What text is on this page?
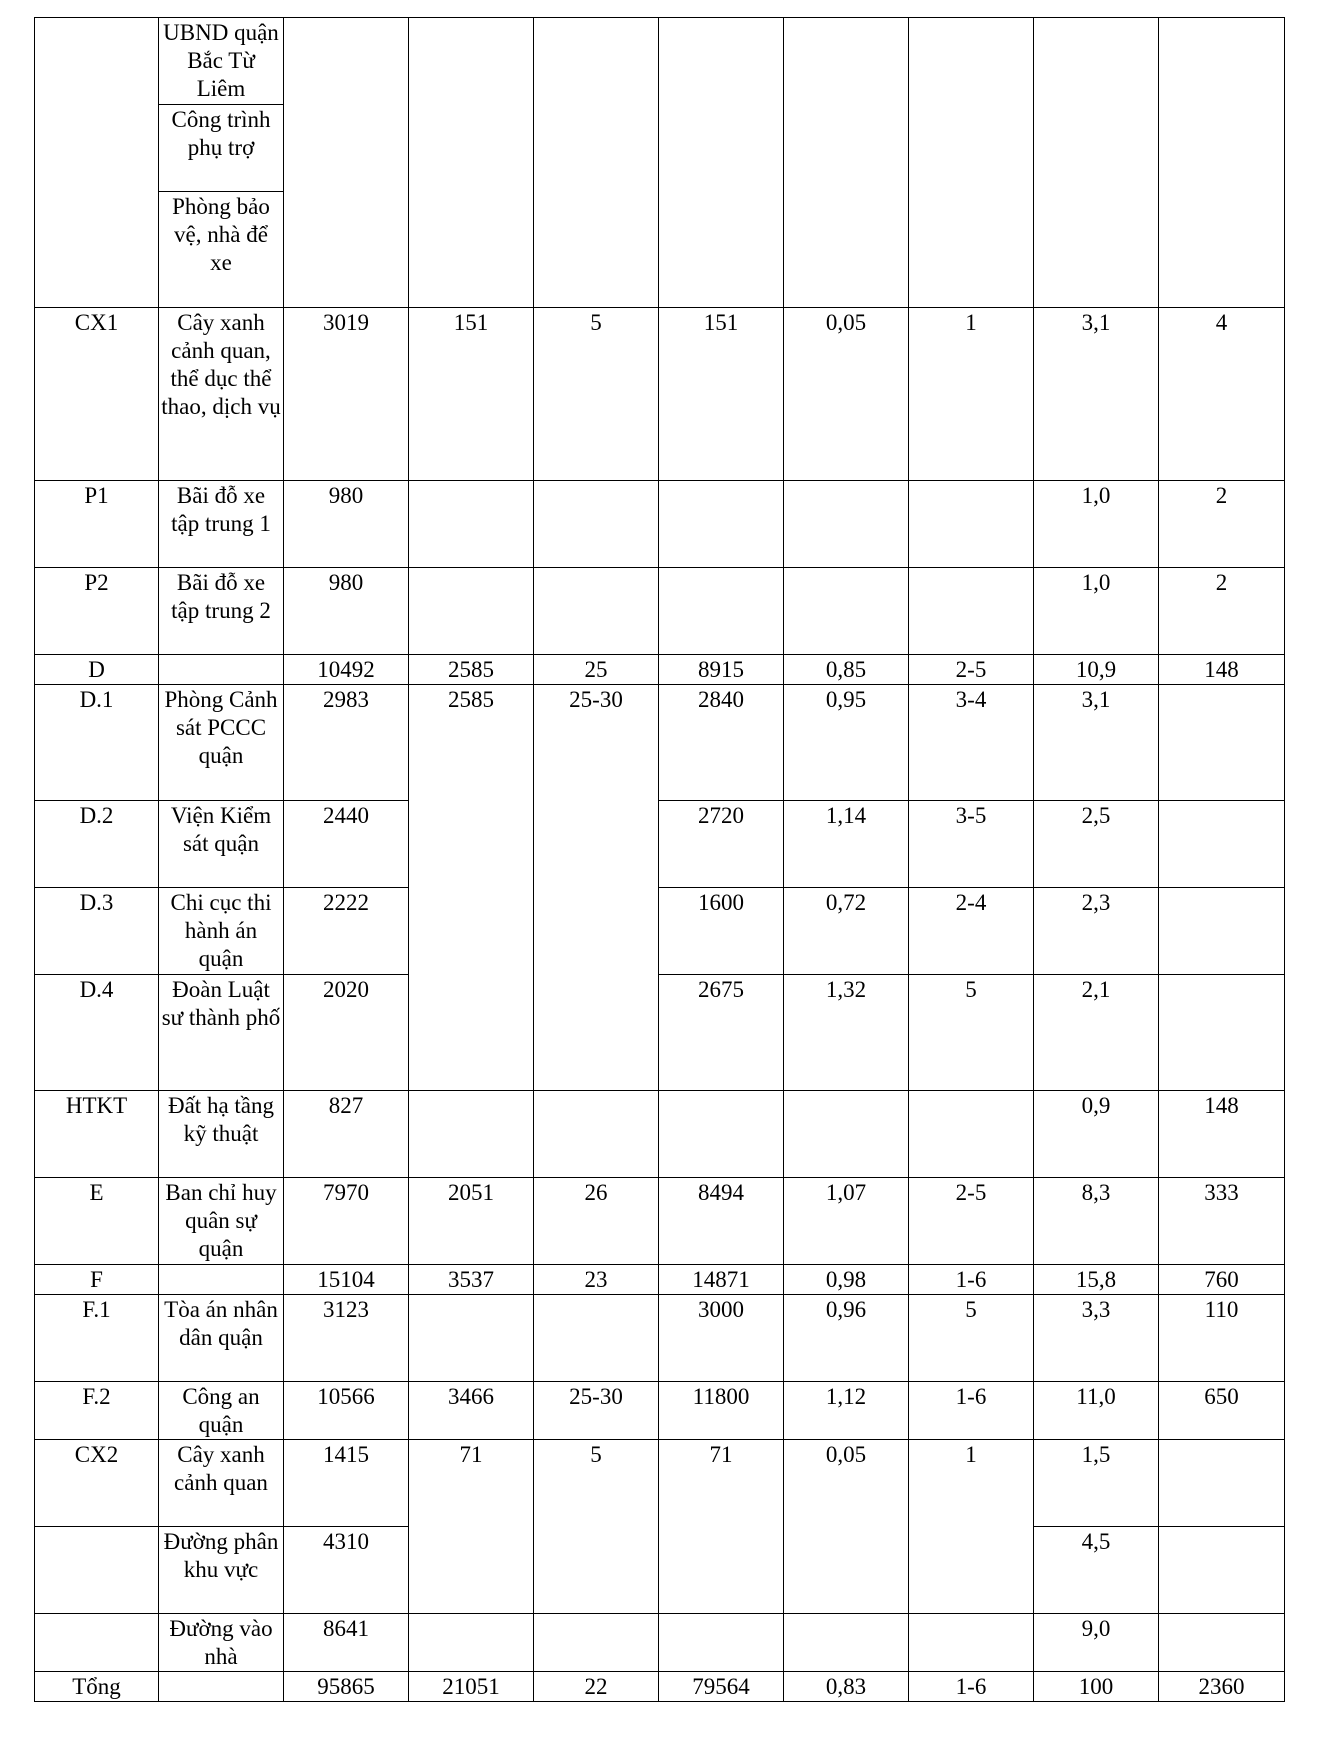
	UBND quận Bắc Từ Liêm								
	Công trình phụ trợ								
	Phòng bảo vệ, nhà để xe								
CX1	Cây xanh cảnh quan, thể dục thể thao, dịch vụ	3019	151	5	151	0,05	1	3,1	4
P1	Bãi đỗ xe tập trung 1	980						1,0	2
P2	Bãi đỗ xe tập trung 2	980						1,0	2
D		10492	2585	25	8915	0,85	2-5	10,9	148
D.1	Phòng Cảnh sát PCCC quận	2983	2585	25-30	2840	0,95	3-4	3,1	
D.2	Viện Kiểm sát quận	2440			2720	1,14	3-5	2,5	
D.3	Chi cục thi hành án quận	2222			1600	0,72	2-4	2,3	
D.4	Đoàn Luật sư thành phố	2020			2675	1,32	5	2,1	
HTKT	Đất hạ tầng kỹ thuật	827						0,9	148
E	Ban chỉ huy quân sự quận	7970	2051	26	8494	1,07	2-5	8,3	333
F		15104	3537	23	14871	0,98	1-6	15,8	760
F.1	Tòa án nhân dân quận	3123			3000	0,96	5	3,3	110
F.2	Công an quận	10566	3466	25-30	11800	1,12	1-6	11,0	650
CX2	Cây xanh cảnh quan	1415	71	5	71	0,05	1	1,5	
	Đường phân khu vực	4310						4,5	
	Đường vào nhà	8641						9,0	
Tổng		95865	21051	22	79564	0,83	1-6	100	2360
